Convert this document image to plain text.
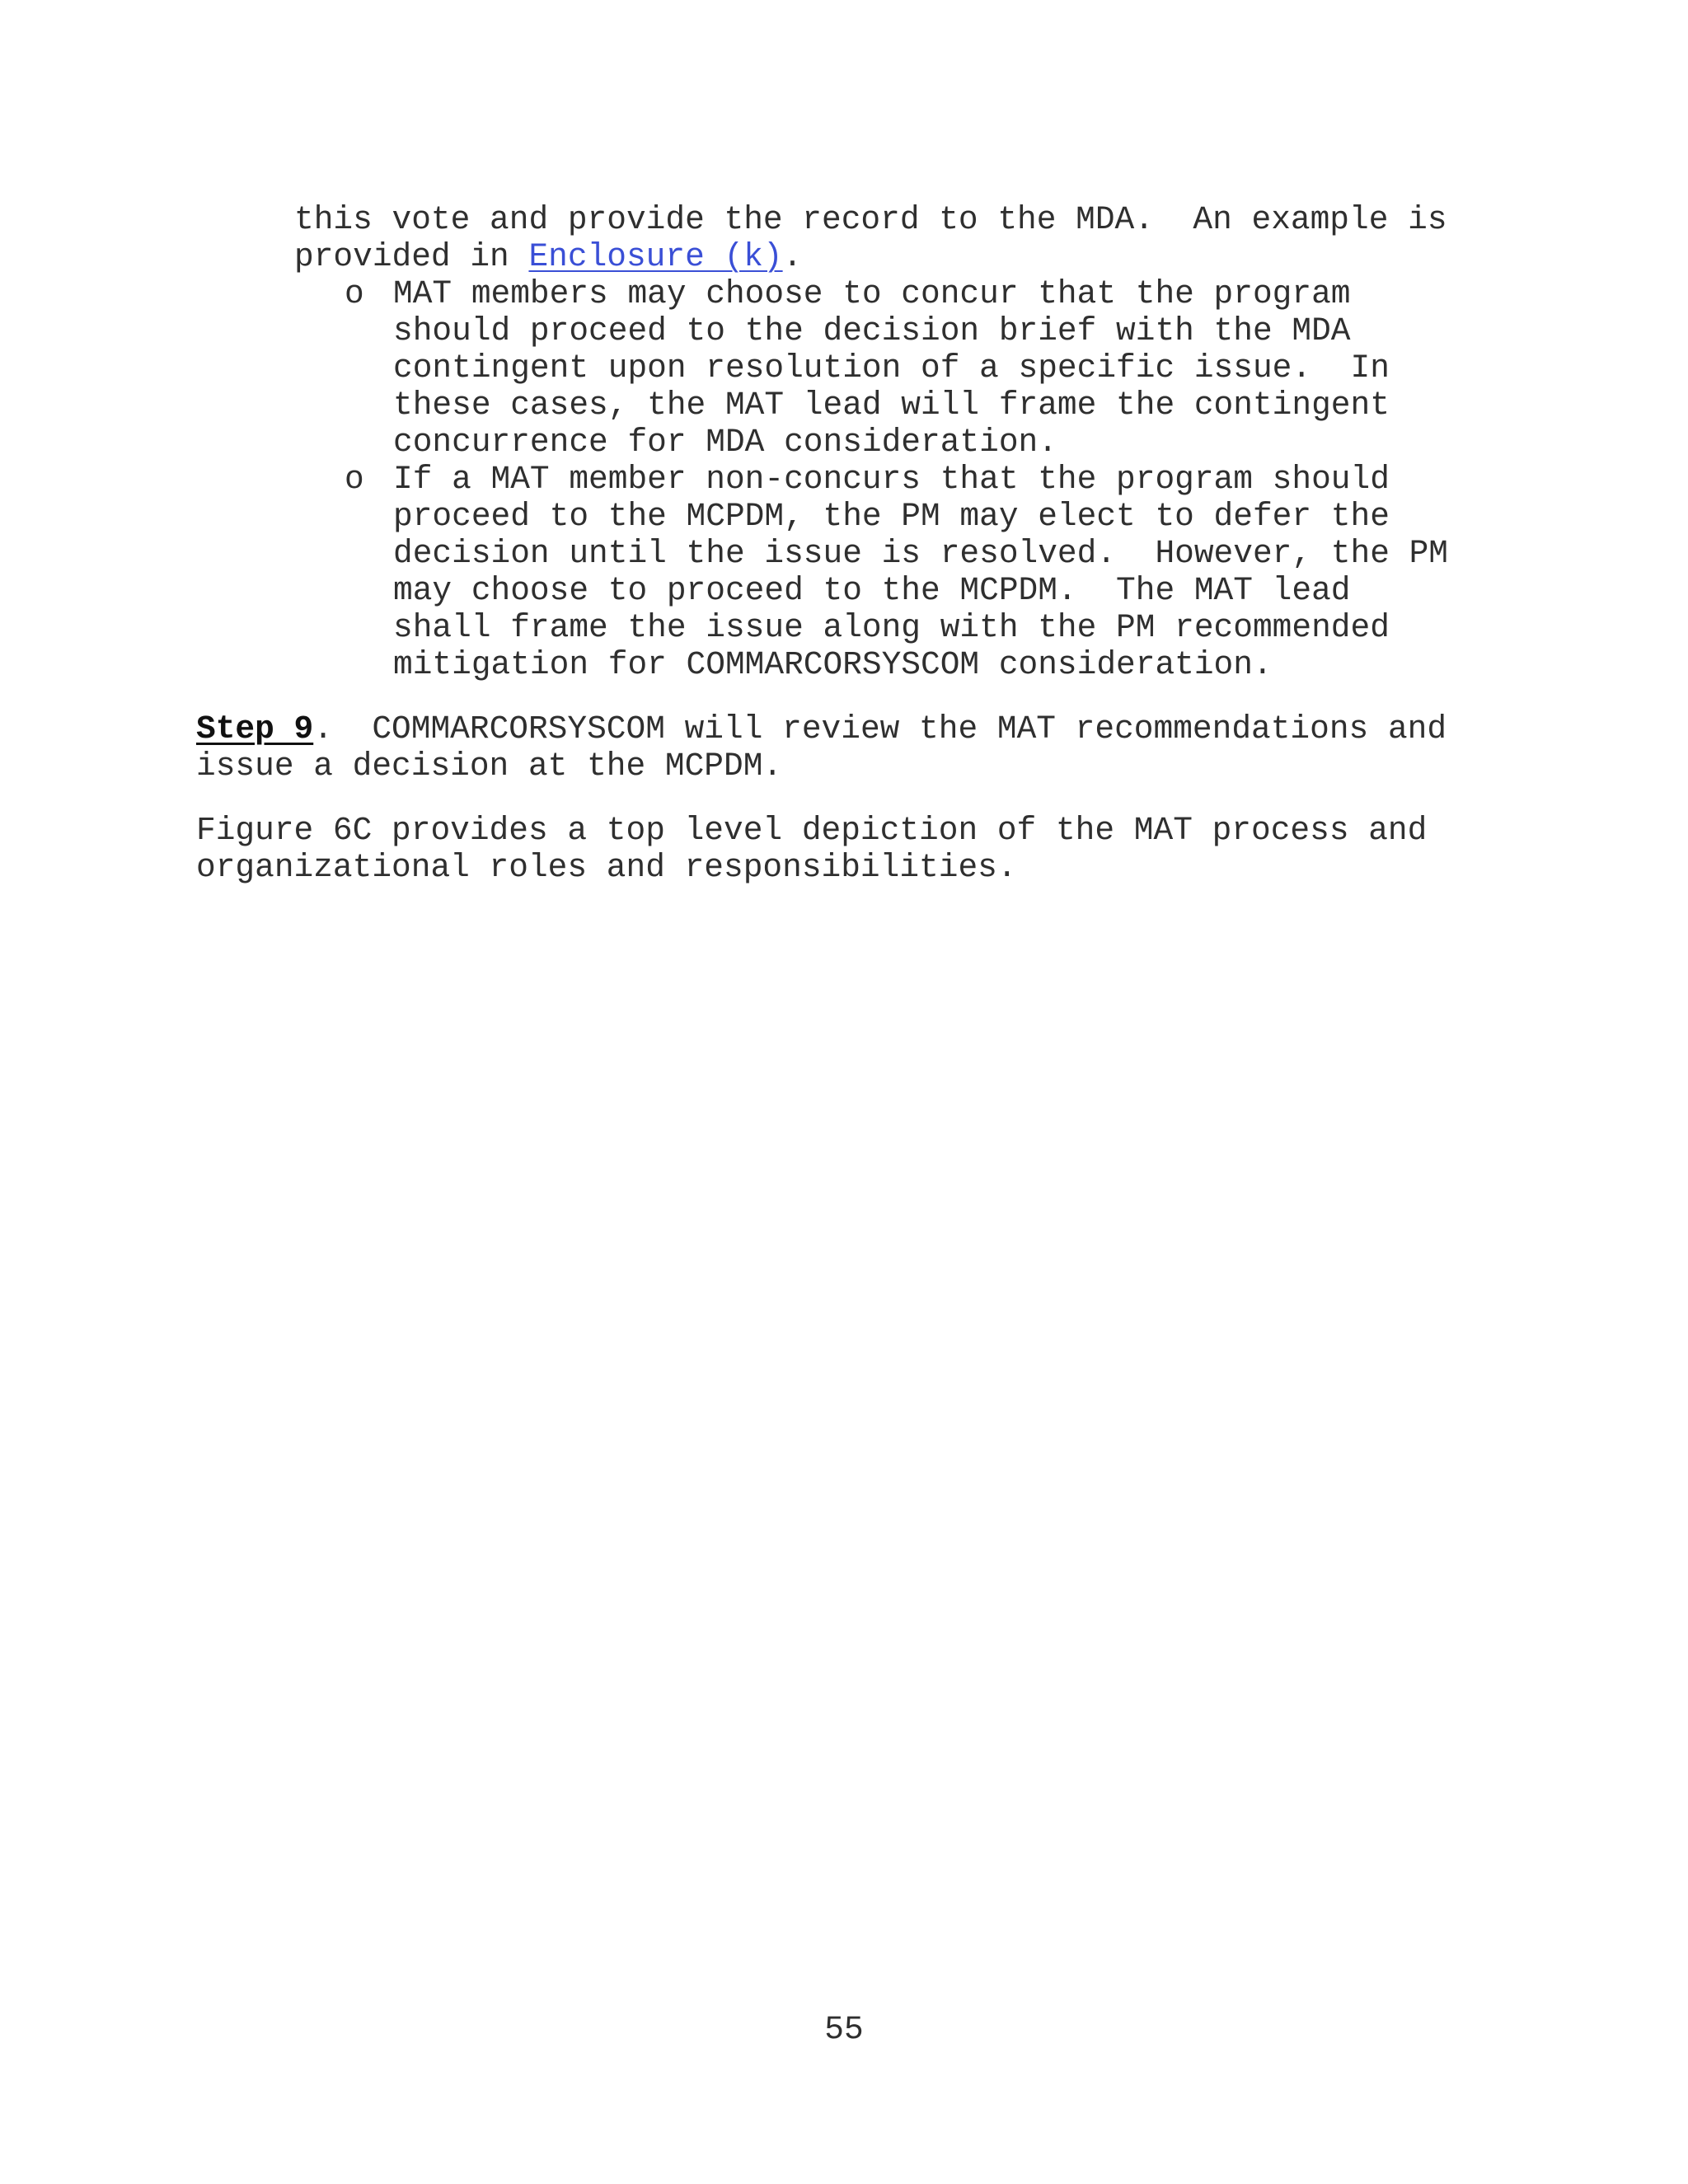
this vote and provide the record to the MDA.  An example is
provided in Enclosure (k).
o MAT members may choose to concur that the program
should proceed to the decision brief with the MDA
contingent upon resolution of a specific issue.  In
these cases, the MAT lead will frame the contingent
concurrence for MDA consideration.
o If a MAT member non-concurs that the program should
proceed to the MCPDM, the PM may elect to defer the
decision until the issue is resolved.  However, the PM
may choose to proceed to the MCPDM.  The MAT lead
shall frame the issue along with the PM recommended
mitigation for COMMARCORSYSCOM consideration.
Step 9.  COMMARCORSYSCOM will review the MAT recommendations and
issue a decision at the MCPDM.
Figure 6C provides a top level depiction of the MAT process and
organizational roles and responsibilities.
55
